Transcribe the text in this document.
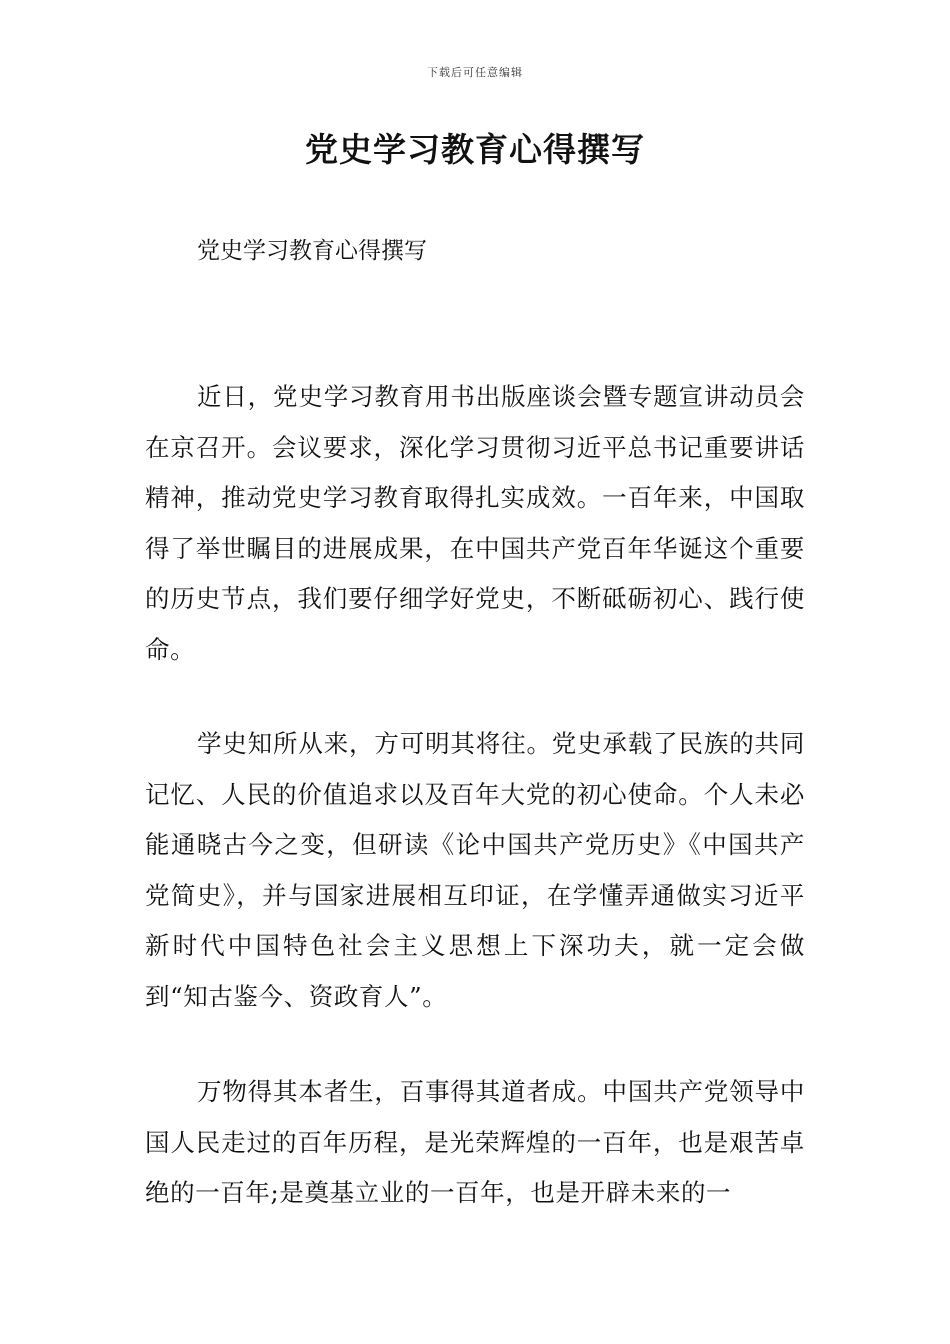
下载后可任意编辑
党史学习教育心得撰写

党史学习教育心得撰写

近日，党史学习教育用书出版座谈会暨专题宣讲动员会在京召开。会议要求，深化学习贯彻习近平总书记重要讲话精神，推动党史学习教育取得扎实成效。一百年来，中国取得了举世瞩目的进展成果，在中国共产党百年华诞这个重要的历史节点，我们要仔细学好党史，不断砥砺初心、践行使命。

学史知所从来，方可明其将往。党史承载了民族的共同记忆、人民的价值追求以及百年大党的初心使命。个人未必能通晓古今之变，但研读《论中国共产党历史》《中国共产党简史》，并与国家进展相互印证，在学懂弄通做实习近平新时代中国特色社会主义思想上下深功夫，就一定会做到“知古鉴今、资政育人”。

万物得其本者生，百事得其道者成。中国共产党领导中国人民走过的百年历程，是光荣辉煌的一百年，也是艰苦卓绝的一百年;是奠基立业的一百年，也是开辟未来的一
